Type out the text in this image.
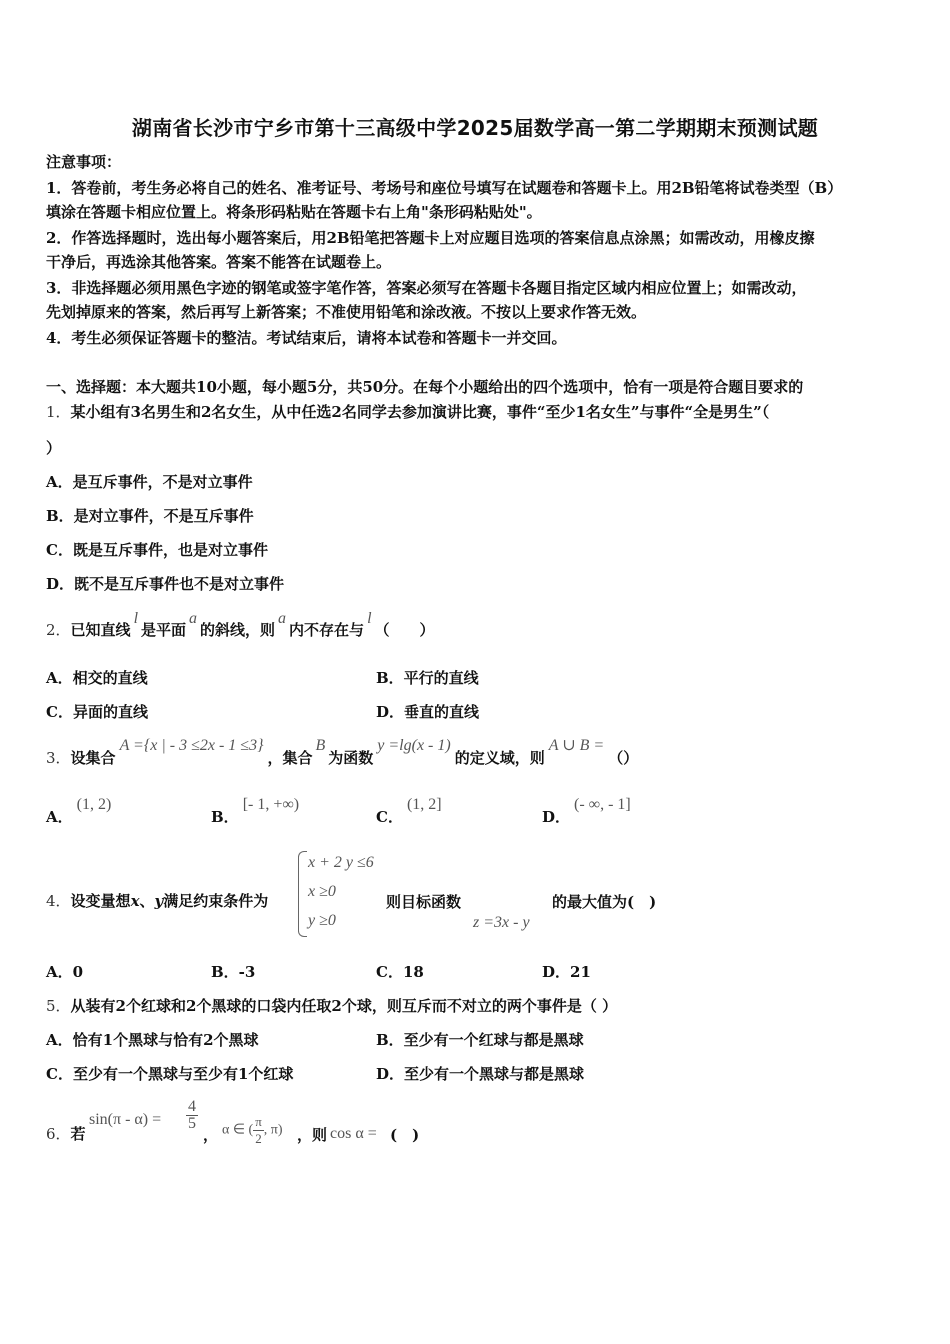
湖南省长沙市宁乡市第十三高级中学2025届数学高一第二学期期末预测试题
注意事项：
1．答卷前，考生务必将自己的姓名、准考证号、考场号和座位号填写在试题卷和答题卡上。用2B铅笔将试卷类型（B）
填涂在答题卡相应位置上。将条形码粘贴在答题卡右上角"条形码粘贴处"。
2．作答选择题时，选出每小题答案后，用2B铅笔把答题卡上对应题目选项的答案信息点涂黑；如需改动，用橡皮擦
干净后，再选涂其他答案。答案不能答在试题卷上。
3．非选择题必须用黑色字迹的钢笔或签字笔作答，答案必须写在答题卡各题目指定区域内相应位置上；如需改动，
先划掉原来的答案，然后再写上新答案；不准使用铅笔和涂改液。不按以上要求作答无效。
4．考生必须保证答题卡的整洁。考试结束后，请将本试卷和答题卡一并交回。
一、选择题：本大题共10小题，每小题5分，共50分。在每个小题给出的四个选项中，恰有一项是符合题目要求的
1．某小组有3名男生和2名女生，从中任选2名同学去参加演讲比赛，事件“至少1名女生”与事件“全是男生”（
）
A．是互斥事件，不是对立事件
B．是对立事件，不是互斥事件
C．既是互斥事件，也是对立事件
D．既不是互斥事件也不是对立事件
2．已知直线l是平面a的斜线，则a内不存在与l（　　）
A．相交的直线	B．平行的直线
C．异面的直线	D．垂直的直线
3．设集合A ={x | - 3 ≤2x - 1 ≤3}，集合B为函数y =lg(x - 1)的定义域，则A ∪ B =（）
A．(1, 2)
B．[- 1, +∞)
C．(1, 2]
D．(- ∞, - 1]
4．设变量想x、y满足约束条件为
x + 2 y ≤6
x ≥0
y ≥0
则目标函数	的最大值为(　)
z =3x - y
A．0	B．-3	C．18	D．21
5．从装有2个红球和2个黑球的口袋内任取2个球，则互斥而不对立的两个事件是（ ）
A．恰有1个黑球与恰有2个黑球	B．至少有一个红球与都是黑球
C．至少有一个黑球与至少有1个红球	D．至少有一个黑球与都是黑球
6．若
$\sin(\pi - \alpha) = \frac{4}{5}$
， α ∈ ( $\frac{\pi}{2}$ , π) ，则 cos α = (　)
